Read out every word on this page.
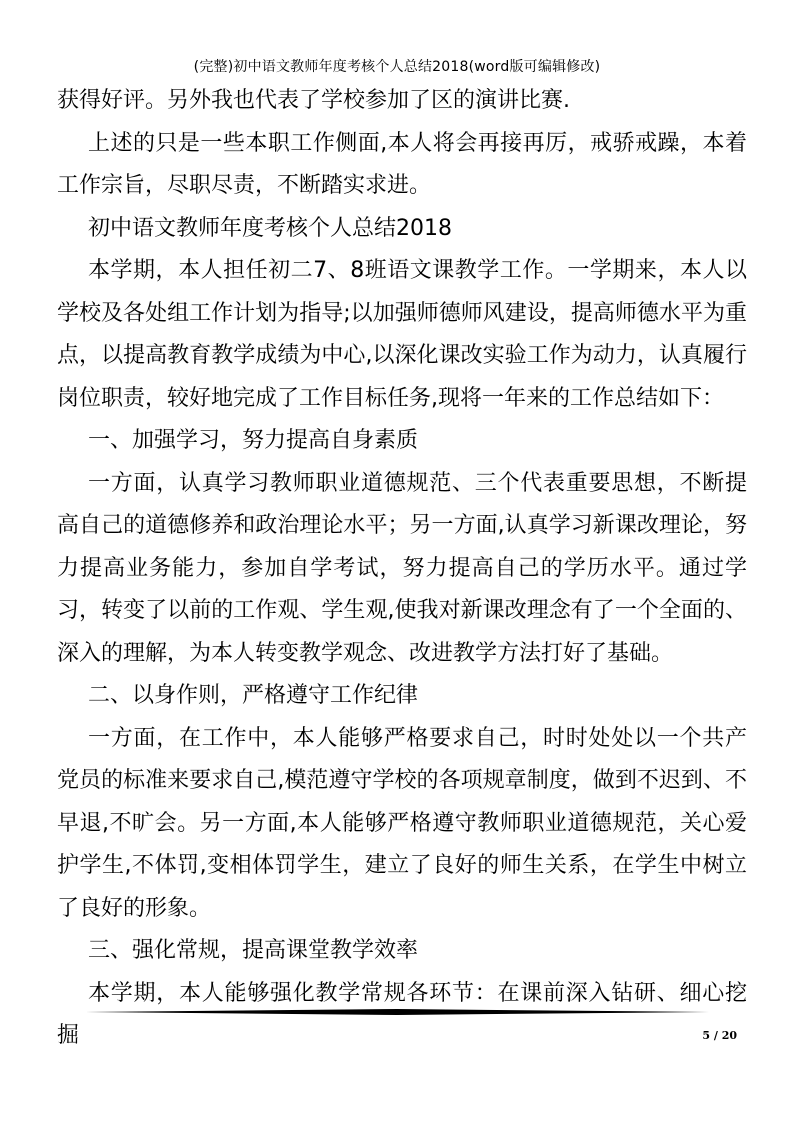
(完整)初中语文教师年度考核个人总结2018(word版可编辑修改)

获得好评。另外我也代表了学校参加了区的演讲比赛.

上述的只是一些本职工作侧面,本人将会再接再厉，戒骄戒躁，本着工作宗旨，尽职尽责，不断踏实求进。

初中语文教师年度考核个人总结2018

本学期，本人担任初二7、8班语文课教学工作。一学期来，本人以学校及各处组工作计划为指导;以加强师德师风建设，提高师德水平为重点，以提高教育教学成绩为中心,以深化课改实验工作为动力，认真履行岗位职责，较好地完成了工作目标任务,现将一年来的工作总结如下：

一、加强学习，努力提高自身素质

一方面，认真学习教师职业道德规范、三个代表重要思想，不断提高自己的道德修养和政治理论水平；另一方面,认真学习新课改理论，努力提高业务能力，参加自学考试，努力提高自己的学历水平。通过学习，转变了以前的工作观、学生观,使我对新课改理念有了一个全面的、深入的理解，为本人转变教学观念、改进教学方法打好了基础。

二、以身作则，严格遵守工作纪律

一方面，在工作中，本人能够严格要求自己，时时处处以一个共产党员的标准来要求自己,模范遵守学校的各项规章制度，做到不迟到、不早退,不旷会。另一方面,本人能够严格遵守教师职业道德规范，关心爱护学生,不体罚,变相体罚学生，建立了良好的师生关系，在学生中树立了良好的形象。

三、强化常规，提高课堂教学效率

本学期，本人能够强化教学常规各环节：在课前深入钻研、细心挖掘	5 / 20
